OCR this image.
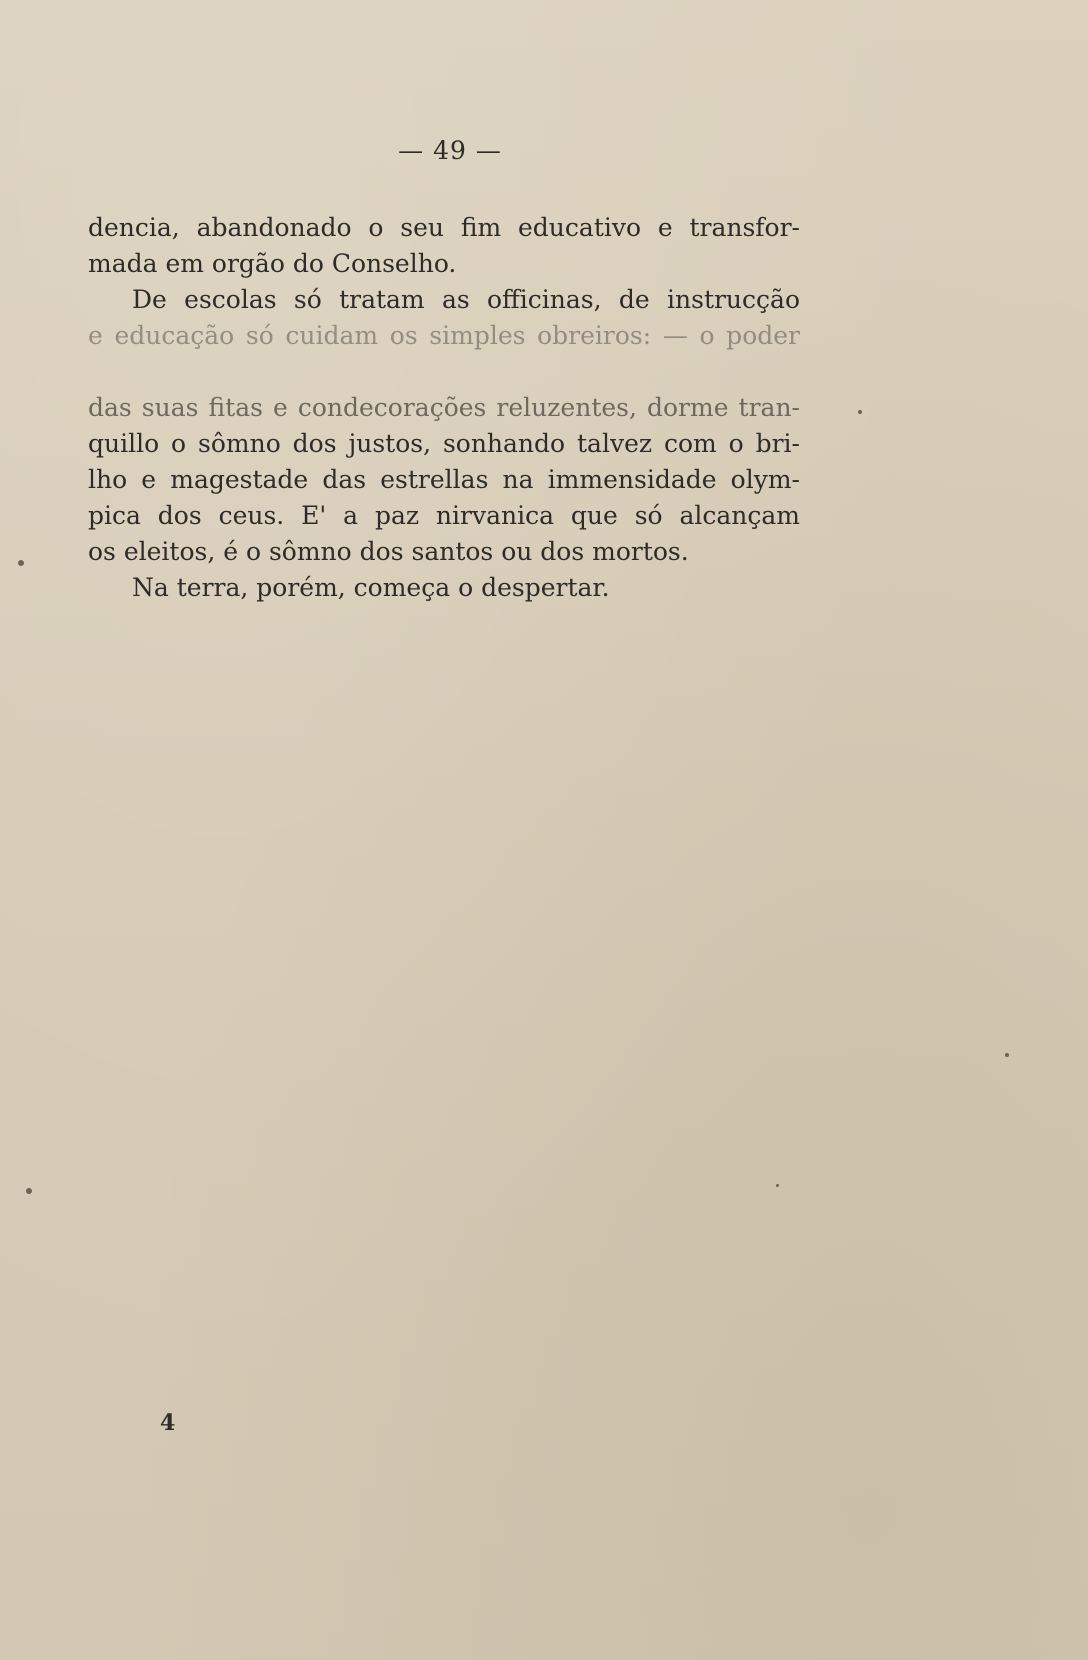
— 49 —
dencia, abandonado o seu fim educativo e transfor-
mada em orgão do Conselho.
De escolas só tratam as officinas, de instrucção
e educação só cuidam os simples obreiros: — o poder
das suas fitas e condecorações reluzentes, dorme tran-
quillo o sômno dos justos, sonhando talvez com o bri-
lho e magestade das estrellas na immensidade olym-
pica dos ceus. E' a paz nirvanica que só alcançam
os eleitos, é o sômno dos santos ou dos mortos.
Na terra, porém, começa o despertar.
4
